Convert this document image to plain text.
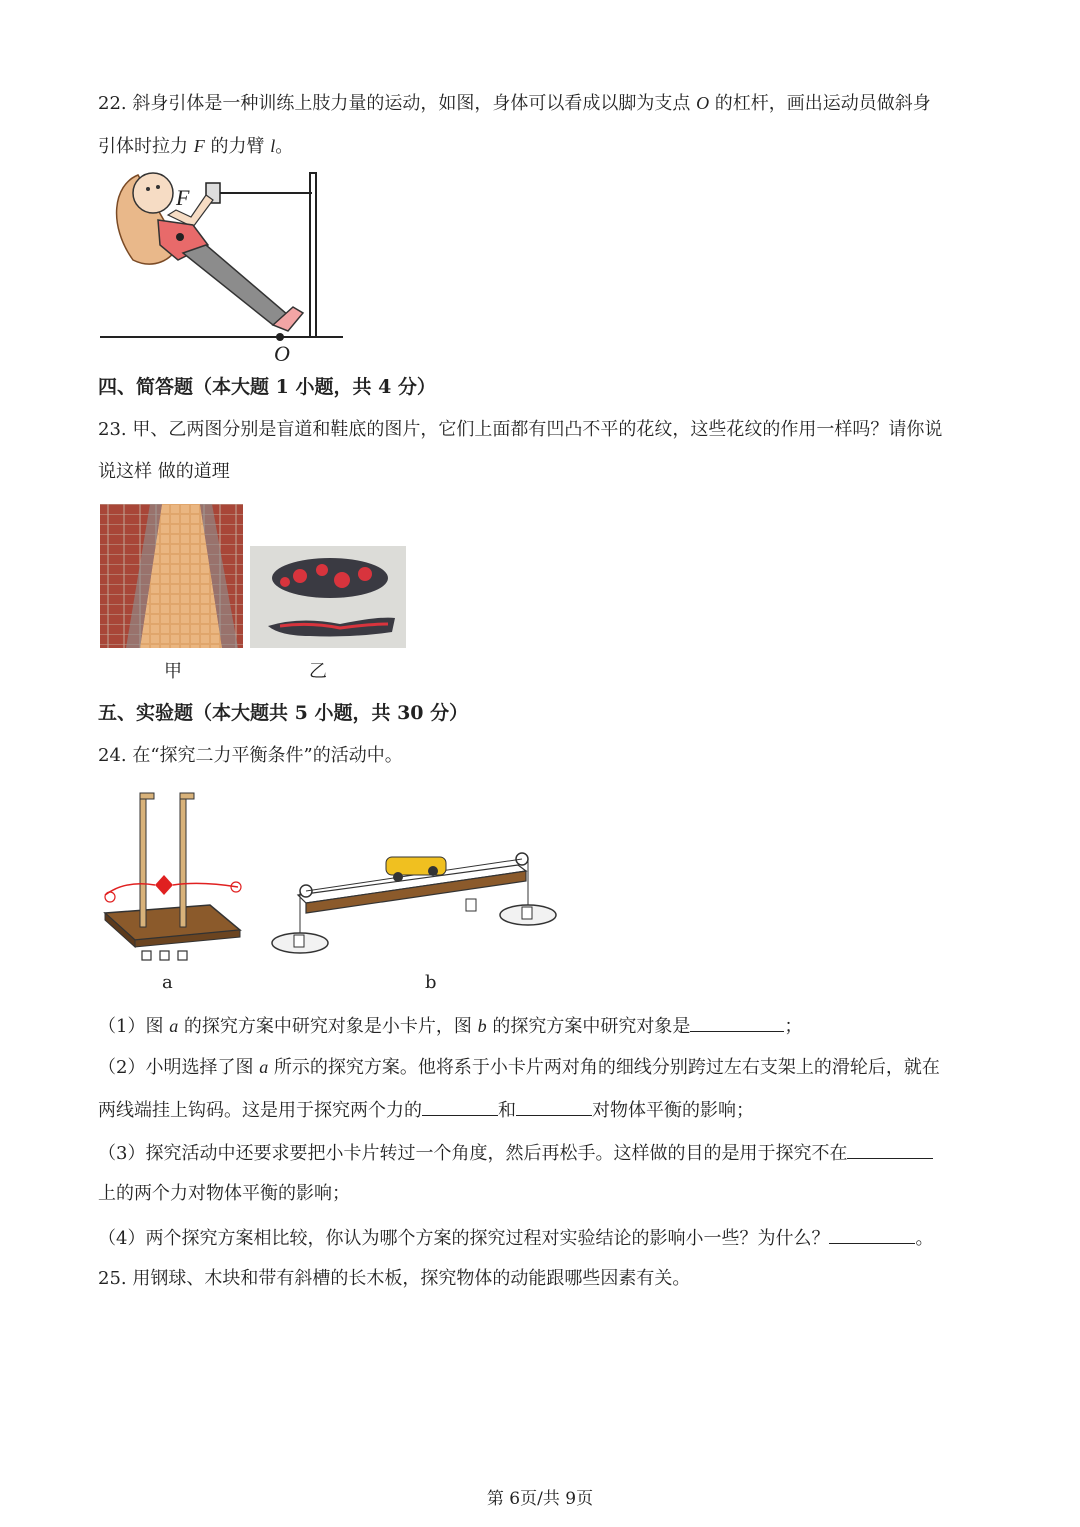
22. 斜身引体是一种训练上肢力量的运动，如图，身体可以看成以脚为支点 O 的杠杆，画出运动员做斜身
引体时拉力 F 的力臂 l。
F
O
四、简答题（本大题 1 小题，共 4 分）
23. 甲、乙两图分别是盲道和鞋底的图片，它们上面都有凹凸不平的花纹，这些花纹的作用一样吗？请你说
说这样 做的道理
甲	乙
五、实验题（本大题共 5 小题，共 30 分）
24. 在“探究二力平衡条件”的活动中。
a	b
（1）图 a 的探究方案中研究对象是小卡片，图 b 的探究方案中研究对象是	；
（2）小明选择了图 a 所示的探究方案。他将系于小卡片两对角的细线分别跨过左右支架上的滑轮后，就在
两线端挂上钩码。这是用于探究两个力的	和	对物体平衡的影响；
（3）探究活动中还要求要把小卡片转过一个角度，然后再松手。这样做的目的是用于探究不在
上的两个力对物体平衡的影响；
（4）两个探究方案相比较，你认为哪个方案的探究过程对实验结论的影响小一些？为什么？	。
25. 用钢球、木块和带有斜槽的长木板，探究物体的动能跟哪些因素有关。
第 6页/共 9页
